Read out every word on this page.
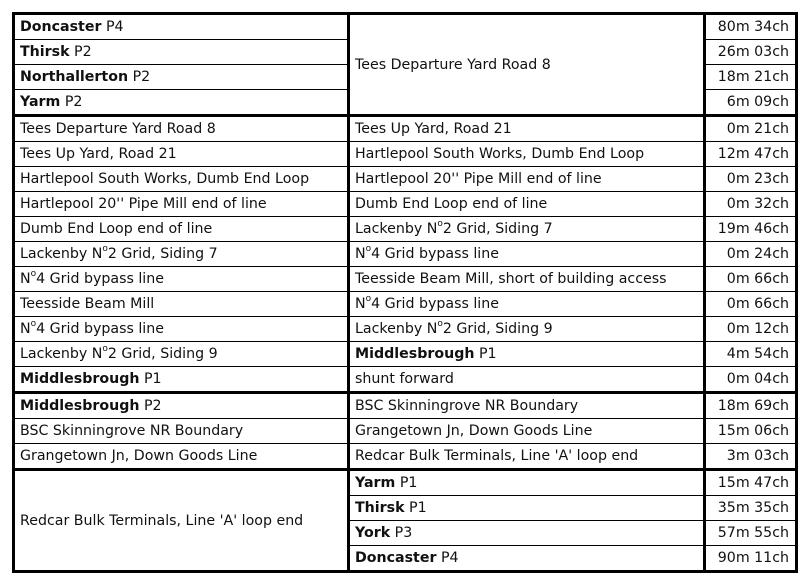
Doncaster P4	Tees Departure Yard Road 8	80m 34ch
Thirsk P2		26m 03ch
Northallerton P2		18m 21ch
Yarm P2		6m 09ch
Tees Departure Yard Road 8	Tees Up Yard, Road 21	0m 21ch
Tees Up Yard, Road 21	Hartlepool South Works, Dumb End Loop	12m 47ch
Hartlepool South Works, Dumb End Loop	Hartlepool 20'' Pipe Mill end of line	0m 23ch
Hartlepool 20'' Pipe Mill end of line	Dumb End Loop end of line	0m 32ch
Dumb End Loop end of line	Lackenby $N^o2$ Grid, Siding 7	19m 46ch
Lackenby $N^o2$ Grid, Siding 7	$N^o4$ Grid bypass line	0m 24ch
$N^o4$ Grid bypass line	Teesside Beam Mill, short of building access	0m 66ch
Teesside Beam Mill	$N^o4$ Grid bypass line	0m 66ch
$N^o4$ Grid bypass line	Lackenby $N^o2$ Grid, Siding 9	0m 12ch
Lackenby $N^o2$ Grid, Siding 9	Middlesbrough P1	4m 54ch
Middlesbrough P1	shunt forward	0m 04ch
Middlesbrough P2	BSC Skinningrove NR Boundary	18m 69ch
BSC Skinningrove NR Boundary	Grangetown Jn, Down Goods Line	15m 06ch
Grangetown Jn, Down Goods Line	Redcar Bulk Terminals, Line 'A' loop end	3m 03ch
Redcar Bulk Terminals, Line 'A' loop end	Yarm P1	15m 47ch
	Thirsk P1	35m 35ch
	York P3	57m 55ch
	Doncaster P4	90m 11ch
